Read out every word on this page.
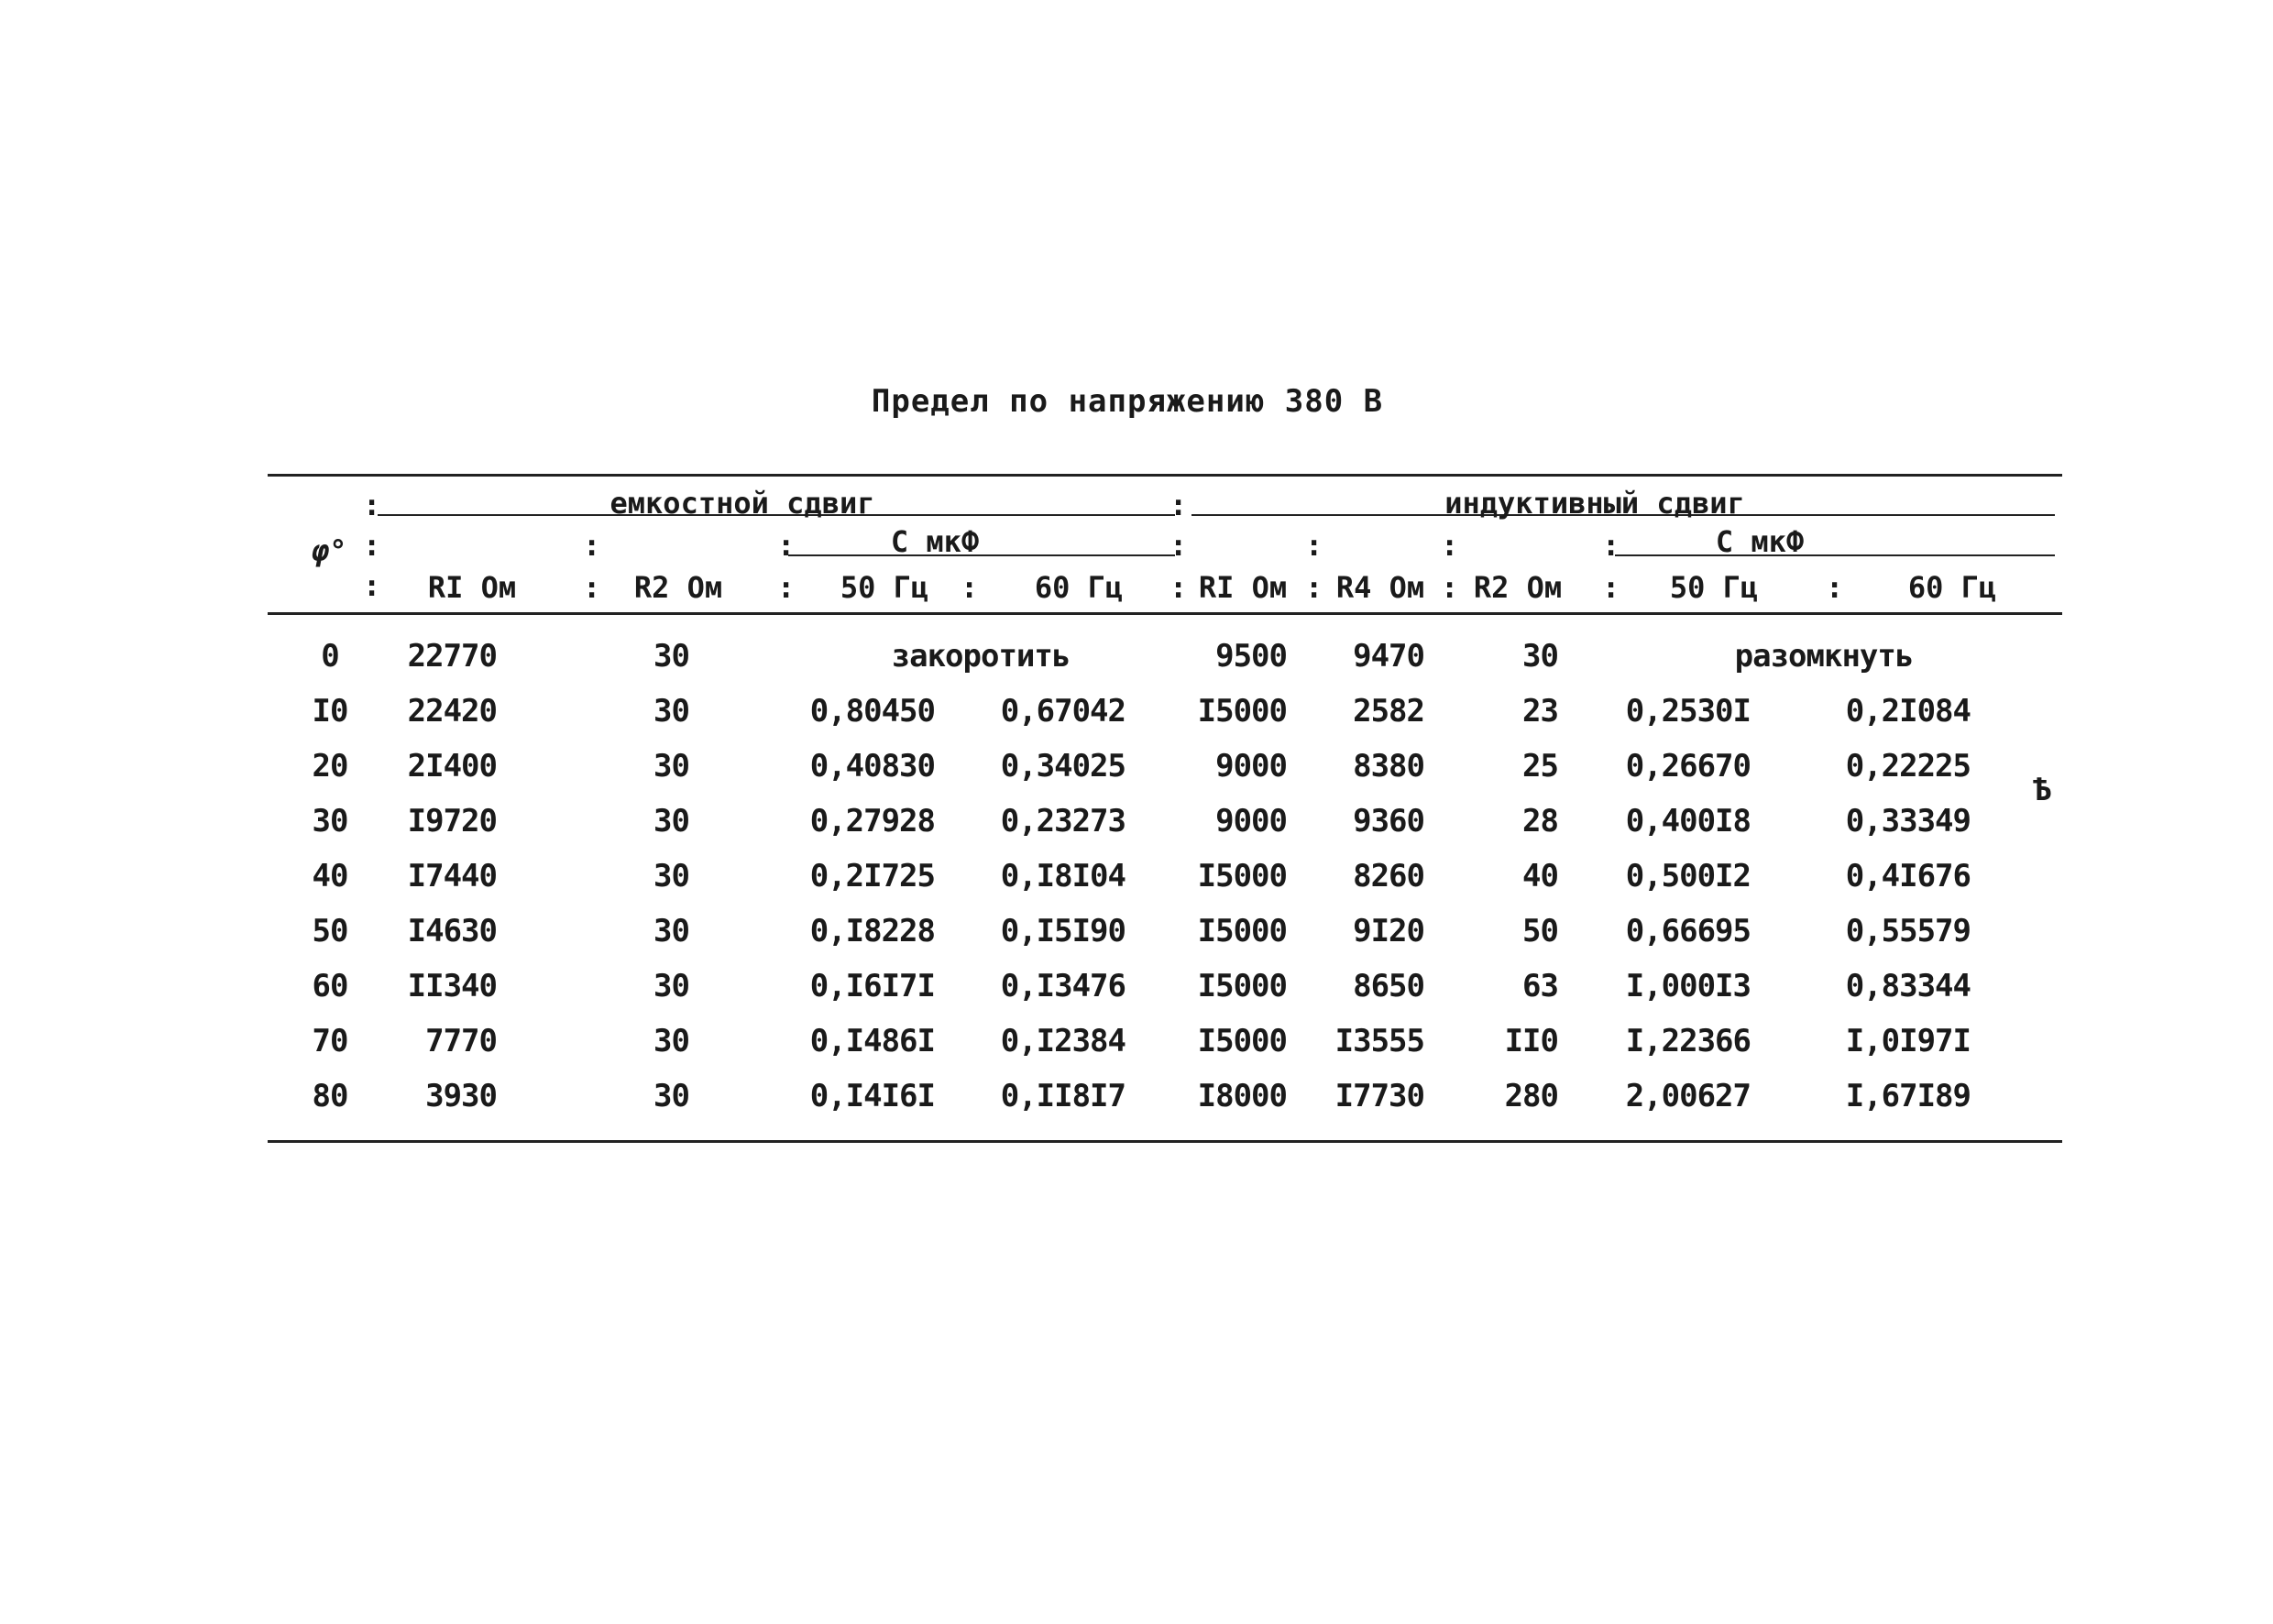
Предел по напряжению 380 В
φ°
:
:
:
емкостной сдвиг	:	индуктивный сдвиг
:	:	С мкФ	:	:	:	:	С мкФ
RI Ом	:	R2 Ом	:	50 Гц	:	60 Гц	: RI Ом : R4 Ом : R2 Ом	:	50 Гц	:	60 Гц
0	22770	30	закоротить	9500	9470	30	разомкнуть
I0	22420	30	0,80450	0,67042	I5000	2582	23	0,2530I	0,2I084
20	2I400	30	0,40830	0,34025	9000	8380	25	0,26670	0,22225
30	I9720	30	0,27928	0,23273	9000	9360	28	0,400I8	0,33349
40	I7440	30	0,2I725	0,I8I04	I5000	8260	40	0,500I2	0,4I676
50	I4630	30	0,I8228	0,I5I90	I5000	9I20	50	0,66695	0,55579
60	II340	30	0,I6I7I	0,I3476	I5000	8650	63	I,000I3	0,83344
70	7770	30	0,I486I	0,I2384	I5000	I3555	II0	I,22366	I,0I97I
80	3930	30	0,I4I6I	0,II8I7	I8000	I7730	280	2,00627	I,67I89
Ѣ
